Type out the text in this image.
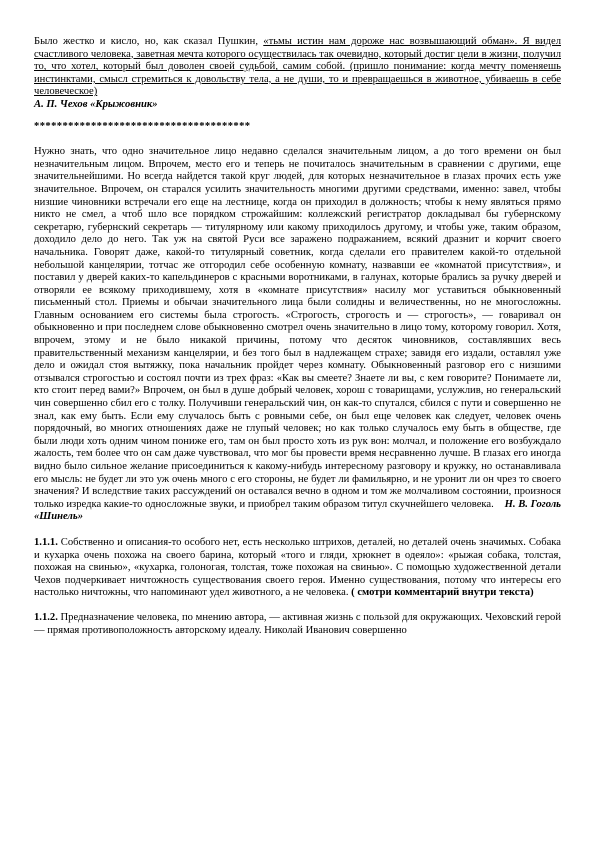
Было жестко и кисло, но, как сказал Пушкин, «тьмы истин нам дороже нас возвышающий обман». Я видел счастливого человека, заветная мечта которого осуществилась так очевидно, который достиг цели в жизни, получил то, что хотел, который был доволен своей судьбой, самим собой. (пришло понимание: когда мечту поменяешь инстинктами, смысл стремиться к довольству тела, а не души, то и превращаешься в животное, убиваешь в себе человеческое)

А. П. Чехов «Крыжовник»

**************************************

Нужно знать, что одно значительное лицо недавно сделался значительным лицом, а до того времени он был незначительным лицом. Впрочем, место его и теперь не почиталось значительным в сравнении с другими, еще значительнейшими. Но всегда найдется такой круг людей, для которых незначительное в глазах прочих есть уже значительное. Впрочем, он старался усилить значительность многими другими средствами, именно: завел, чтобы низшие чиновники встречали его еще на лестнице, когда он приходил в должность; чтобы к нему являться прямо никто не смел, а чтоб шло все порядком строжайшим: коллежский регистратор докладывал бы губернскому секретарю, губернский секретарь — титулярному или какому приходилось другому, и чтобы уже, таким образом, доходило дело до него. Так уж на святой Руси все заражено подражанием, всякий дразнит и корчит своего начальника. Говорят даже, какой-то титулярный советник, когда сделали его правителем какой-то отдельной небольшой канцелярии, тотчас же отгородил себе особенную комнату, назвавши ее «комнатой присутствия», и поставил у дверей каких-то капельдинеров с красными воротниками, в галунах, которые брались за ручку дверей и отворяли ее всякому приходившему, хотя в «комнате присутствия» насилу мог уставиться обыкновенный письменный стол. Приемы и обычаи значительного лица были солидны и величественны, но не многосложны. Главным основанием его системы была строгость. «Строгость, строгость и — строгость», — говаривал он обыкновенно и при последнем слове обыкновенно смотрел очень значительно в лицо тому, которому говорил. Хотя, впрочем, этому и не было никакой причины, потому что десяток чиновников, составлявших весь правительственный механизм канцелярии, и без того был в надлежащем страхе; завидя его издали, оставлял уже дело и ожидал стоя вытяжку, пока начальник пройдет через комнату. Обыкновенный разговор его с низшими отзывался строгостью и состоял почти из трех фраз: «Как вы смеете? Знаете ли вы, с кем говорите? Понимаете ли, кто стоит перед вами?» Впрочем, он был в душе добрый человек, хорош с товарищами, услужлив, но генеральский чин совершенно сбил его с толку. Получивши генеральский чин, он как-то спутался, сбился с пути и совершенно не знал, как ему быть. Если ему случалось быть с ровными себе, он был еще человек как следует, человек очень порядочный, во многих отношениях даже не глупый человек; но как только случалось ему быть в обществе, где были люди хоть одним чином пониже его, там он был просто хоть из рук вон: молчал, и положение его возбуждало жалость, тем более что он сам даже чувствовал, что мог бы провести время несравненно лучше. В глазах его иногда видно было сильное желание присоединиться к какому-нибудь интересному разговору и кружку, но останавливала его мысль: не будет ли это уж очень много с его стороны, не будет ли фамильярно, и не уронит ли он чрез то своего значения? И вследствие таких рассуждений он оставался вечно в одном и том же молчаливом состоянии, произнося только изредка какие-то односложные звуки, и приобрел таким образом титул скучнейшего человека. Н. В. Гоголь «Шинель»

1.1.1. Собственно и описания-то особого нет, есть несколько штрихов, деталей, но деталей очень значимых. Собака и кухарка очень похожа на своего барина, который «того и гляди, хрюкнет в одеяло»: «рыжая собака, толстая, похожая на свинью», «кухарка, голоногая, толстая, тоже похожая на свинью». С помощью художественной детали Чехов подчеркивает ничтожность существования своего героя. Именно существования, потому что интересы его настолько ничтожны, что напоминают удел животного, а не человека. ( смотри комментарий внутри текста)

1.1.2. Предназначение человека, по мнению автора, — активная жизнь с пользой для окружающих. Чеховский герой — прямая противоположность авторскому идеалу. Николай Иванович совершенно
